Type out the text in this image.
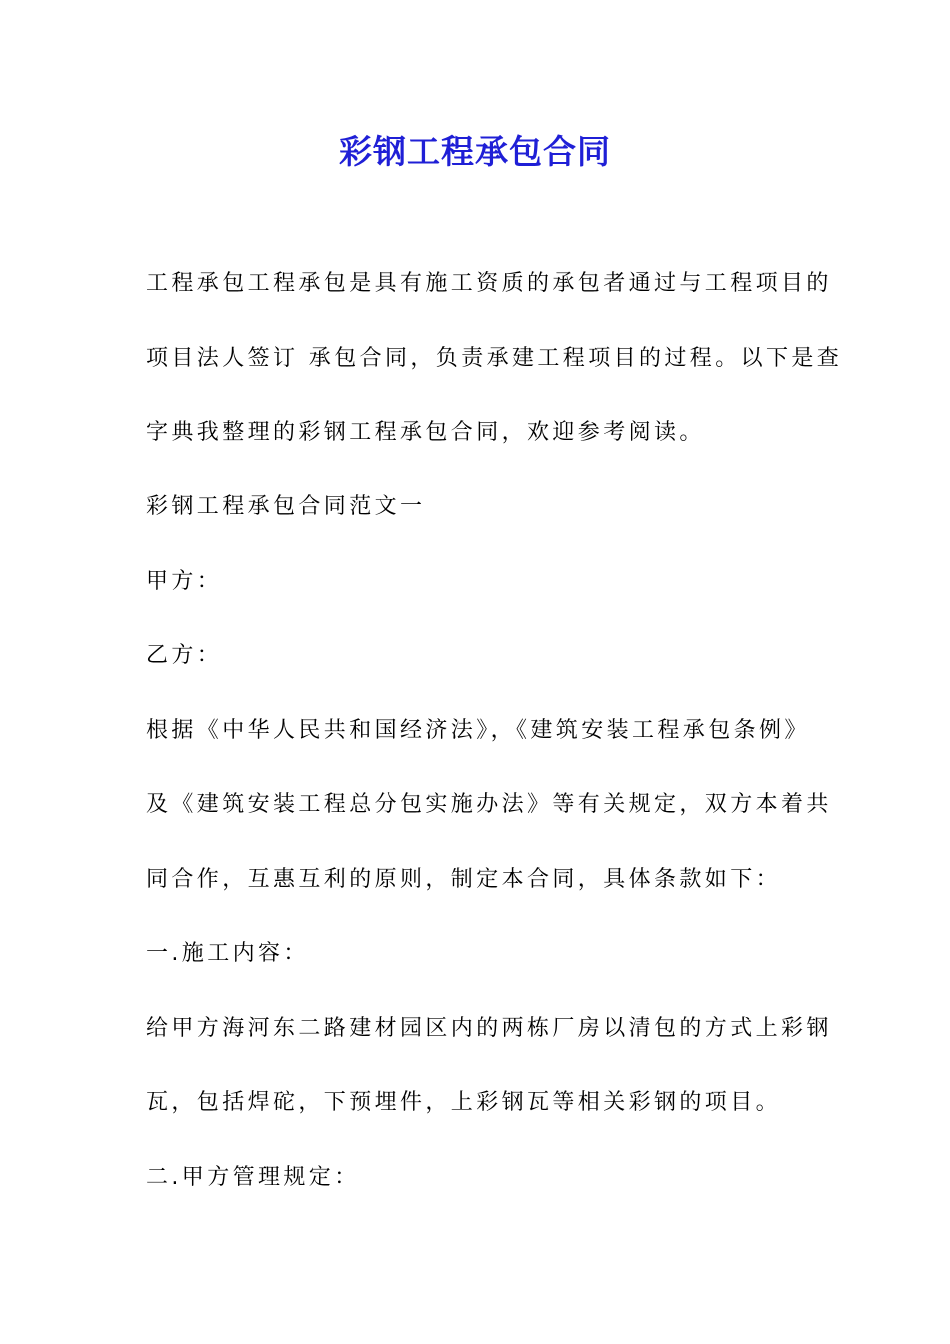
彩钢工程承包合同
工程承包工程承包是具有施工资质的承包者通过与工程项目的
项目法人签订 承包合同，负责承建工程项目的过程。以下是查
字典我整理的彩钢工程承包合同，欢迎参考阅读。
彩钢工程承包合同范文一
甲方：
乙方：
根据《中华人民共和国经济法》，《建筑安装工程承包条例》
及《建筑安装工程总分包实施办法》等有关规定，双方本着共
同合作，互惠互利的原则，制定本合同，具体条款如下：
一.施工内容：
给甲方海河东二路建材园区内的两栋厂房以清包的方式上彩钢
瓦，包括焊砣，下预埋件，上彩钢瓦等相关彩钢的项目。
二.甲方管理规定：
